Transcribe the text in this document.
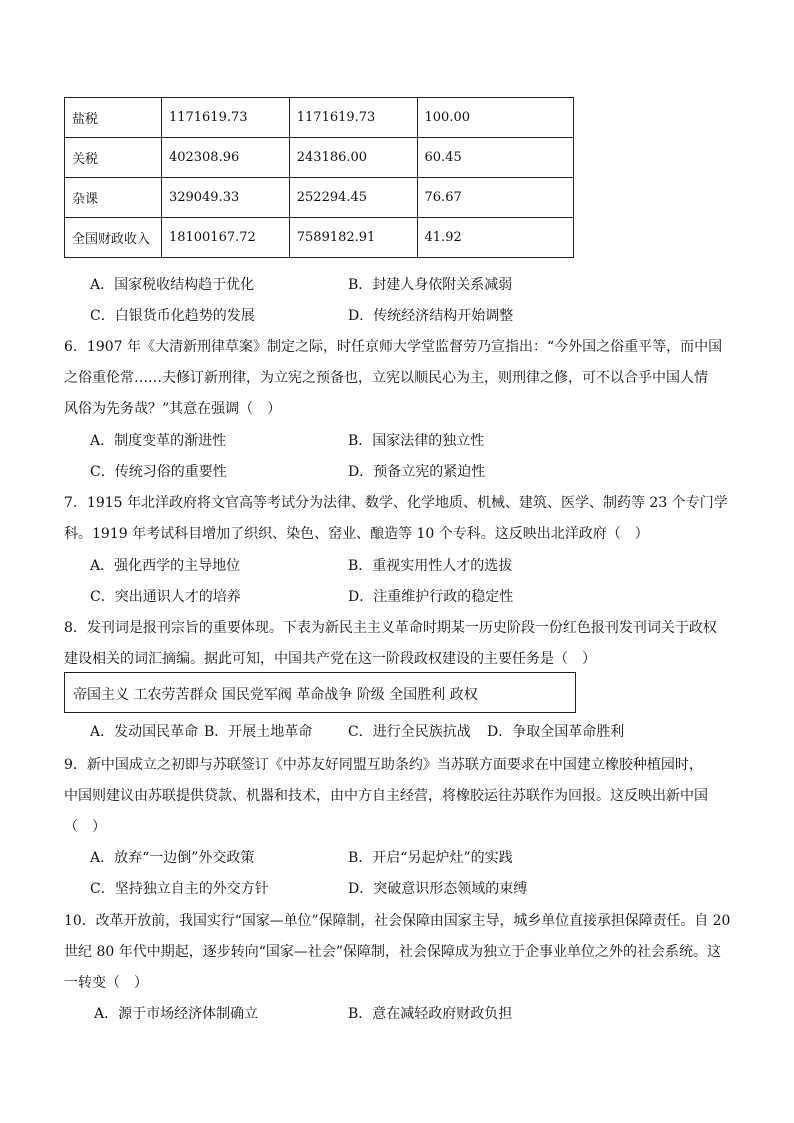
盐税	1171619.73	1171619.73	100.00
关税	402308.96	243186.00	60.45
杂课	329049.33	252294.45	76.67
全国财政收入	18100167.72	7589182.91	41.92
A．国家税收结构趋于优化	B．封建人身依附关系减弱
C．白银货币化趋势的发展	D．传统经济结构开始调整
6．1907 年《大清新刑律草案》制定之际，时任京师大学堂监督劳乃宣指出：“今外国之俗重平等，而中国
之俗重伦常……夫修订新刑律，为立宪之预备也，立宪以顺民心为主，则刑律之修，可不以合乎中国人情
风俗为先务哉？”其意在强调（　）
A．制度变革的渐进性	B．国家法律的独立性
C．传统习俗的重要性	D．预备立宪的紧迫性
7．1915 年北洋政府将文官高等考试分为法律、数学、化学地质、机械、建筑、医学、制药等 23 个专门学
科。1919 年考试科目增加了织织、染色、窑业、酿造等 10 个专科。这反映出北洋政府（　）
A．强化西学的主导地位	B．重视实用性人才的选拔
C．突出通识人才的培养	D．注重维护行政的稳定性
8．发刊词是报刊宗旨的重要体现。下表为新民主主义革命时期某一历史阶段一份红色报刊发刊词关于政权
建设相关的词汇摘编。据此可知，中国共产党在这一阶段政权建设的主要任务是（　）
帝国主义 工农劳苦群众 国民党军阀 革命战争 阶级 全国胜利 政权
A．发动国民革命 B．开展土地革命	C．进行全民族抗战 D．争取全国革命胜利
9．新中国成立之初即与苏联签订《中苏友好同盟互助条约》当苏联方面要求在中国建立橡胶种植园时，
中国则建议由苏联提供贷款、机器和技术，由中方自主经营，将橡胶运往苏联作为回报。这反映出新中国
（　）
A．放弃“一边倒”外交政策	B．开启“另起炉灶”的实践
C．坚持独立自主的外交方针	D．突破意识形态领域的束缚
10．改革开放前，我国实行“国家—单位”保障制，社会保障由国家主导，城乡单位直接承担保障责任。自 20
世纪 80 年代中期起，逐步转向“国家—社会”保障制，社会保障成为独立于企事业单位之外的社会系统。这
一转变（　）
A．源于市场经济体制确立	B．意在减轻政府财政负担
